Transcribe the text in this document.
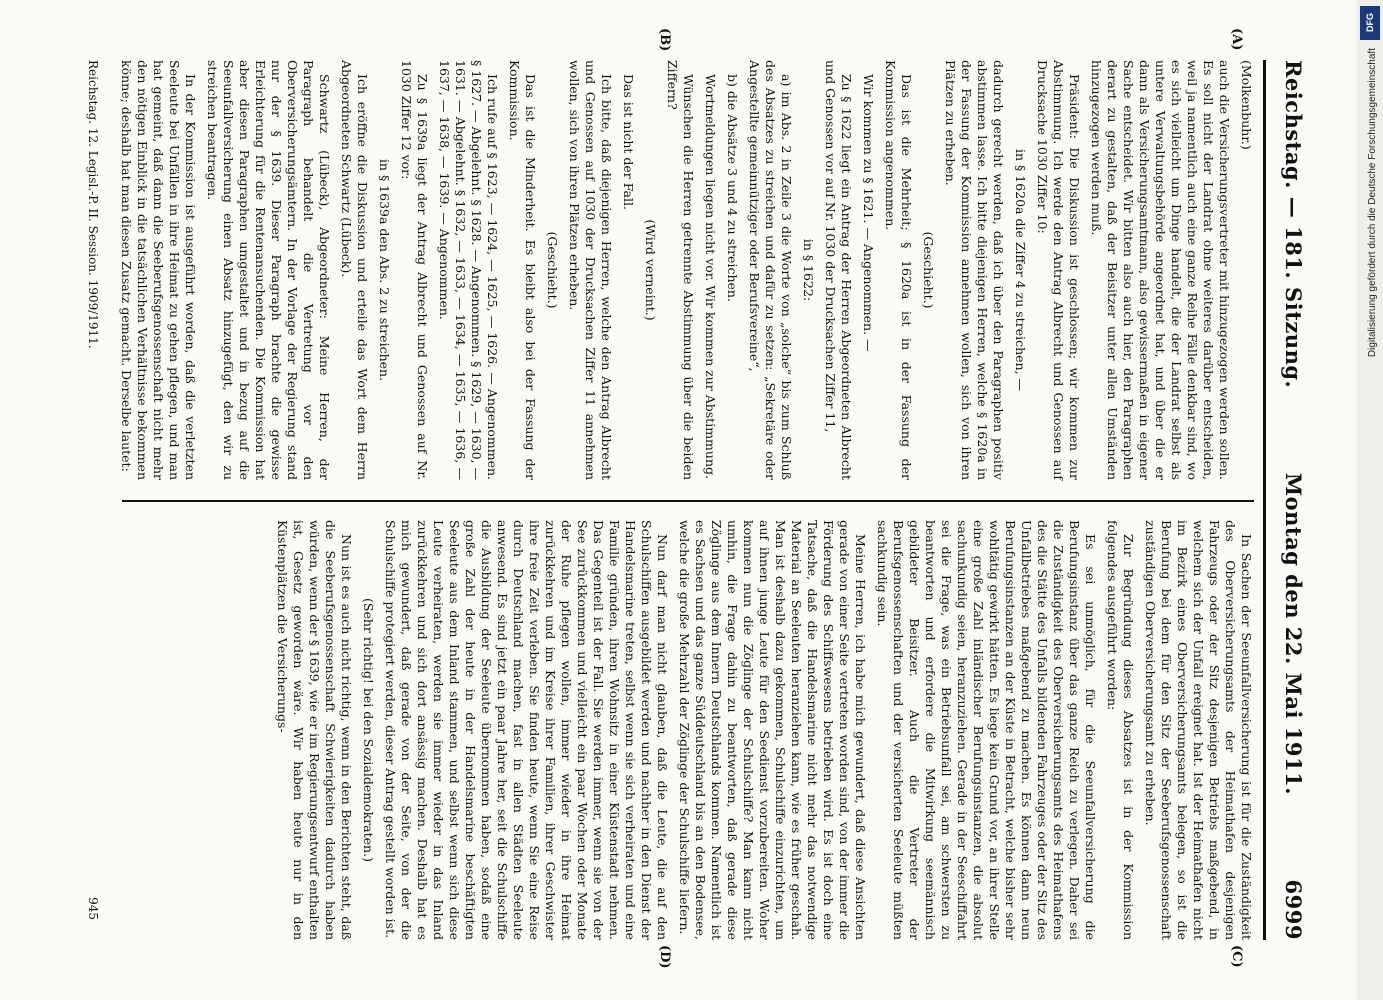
Reichstag. — 181. Sitzung.
Montag den 22. Mai 1911.
6999
(A)
(B)
(C)
(D)

(Molkenbuhr.)

auch die Versicherungsvertreter mit hinzugezogen werden sollen. Es soll nicht der Landrat ohne weiteres darüber entscheiden, weil ja namentlich auch eine ganze Reihe Fälle denkbar sind, wo es sich vielleicht um Dinge handelt, die der Landrat selbst als untere Verwaltungsbehörde angeordnet hat, und über die er dann als Versicherungsamtmann, also gewissermaßen in eigener Sache entscheidet. Wir bitten also auch hier, den Paragraphen derart zu gestalten, daß der Beisitzer unter allen Umständen hinzugezogen werden muß.

Präsident: Die Diskussion ist geschlossen; wir kommen zur Abstimmung. Ich werde den Antrag Albrecht und Genossen auf Drucksache 1030 Ziffer 10:

in § 1620a die Ziffer 4 zu streichen, —

dadurch gerecht werden, daß ich über den Paragraphen positiv abstimmen lasse. Ich bitte diejenigen Herren, welche § 1620a in der Fassung der Kommission annehmen wollen, sich von ihren Plätzen zu erheben.

(Geschieht.)

Das ist die Mehrheit; § 1620a ist in der Fassung der Kommission angenommen.

Wir kommen zu § 1621. — Angenommen. —

Zu § 1622 liegt ein Antrag der Herren Abgeordneten Albrecht und Genossen vor auf Nr. 1030 der Drucksachen Ziffer 11,

in § 1622:

a) im Abs. 2 in Zeile 3 die Worte von „solche“ bis zum Schluß des Absatzes zu streichen und dafür zu setzen: „Sekretäre oder Angestellte gemeinnütziger oder Berufsvereine“,

b) die Absätze 3 und 4 zu streichen.

Wortmeldungen liegen nicht vor. Wir kommen zur Abstimmung.

Wünschen die Herren getrennte Abstimmung über die beiden Ziffern?

(Wird verneint.)

Das ist nicht der Fall.

Ich bitte, daß diejenigen Herren, welche den Antrag Albrecht und Genossen auf 1030 der Drucksachen Ziffer 11 annehmen wollen, sich von ihren Plätzen erheben.

(Geschieht.)

Das ist die Minderheit. Es bleibt also bei der Fassung der Kommission.

Ich rufe auf § 1623, — 1624, — 1625, — 1626. — Angenommen. § 1627. — Abgelehnt. § 1628. — Angenommen. § 1629, — 1630, — 1631. — Abgelehnt. § 1632, — 1633, — 1634, — 1635, — 1636, — 1637, — 1638, — 1639. — Angenommen.

Zu § 1639a liegt der Antrag Albrecht und Genossen auf Nr. 1030 Ziffer 12 vor:

in § 1639a den Abs. 2 zu streichen.

Ich eröffne die Diskussion und erteile das Wort dem Herrn Abgeordneten Schwartz (Lübeck).

Schwartz (Lübeck), Abgeordneter: Meine Herren, der Paragraph behandelt die Vertretung vor den Oberversicherungsämtern. In der Vorlage der Regierung stand nur der § 1639. Dieser Paragraph brachte die gewisse Erleichterung für die Rentenansuchenden. Die Kommission hat aber diesen Paragraphen umgestaltet und in bezug auf die Seeunfallversicherung einen Absatz hinzugefügt, den wir zu streichen beantragen.

In der Kommission ist ausgeführt worden, daß die verletzten Seeleute bei Unfällen in ihre Heimat zu gehen pflegen, und man hat gemeint, daß dann die Seeberufsgenossenschaft nicht mehr den nötigen Einblick in die tatsächlichen Verhältnisse bekommen könne; deshalb hat man diesen Zusatz gemacht. Derselbe lautet:

In Sachen der Seeunfallversicherung ist für die Zuständigkeit des Oberversicherungsamts der Heimathafen desjenigen Fahrzeugs oder der Sitz desjenigen Betriebs maßgebend, in welchem sich der Unfall ereignet hat. Ist der Heimathafen nicht im Bezirk eines Oberversicherungsamts belegen, so ist die Berufung bei dem für den Sitz der Seeberufsgenossenschaft zuständigen Oberversicherungsamt zu erheben.

Zur Begründung dieses Absatzes ist in der Kommission folgendes ausgeführt worden:

Es sei unmöglich, für die Seeunfallversicherung die Berufungsinstanz über das ganze Reich zu verlegen. Daher sei die Zuständigkeit des Oberversicherungsamts des Heimathafens des die Stätte des Unfalls bildenden Fahrzeuges oder der Sitz des Unfallbetriebes maßgebend zu machen. Es können dann neun Berufungsinstanzen an der Küste in Betracht, welche bisher sehr wohltätig gewirkt hätten. Es liege kein Grund vor, an ihrer Stelle eine große Zahl inländischer Berufungsinstanzen, die absolut sachunkundig seien, heranzuziehen. Gerade in der Seeschiffahrt sei die Frage, was ein Betriebsunfall sei, am schwersten zu beantworten und erfordere die Mitwirkung seemännisch gebildeter Beisitzer. Auch die Vertreter der Berufsgenossenschaften und der versicherten Seeleute müßten sachkundig sein.

Meine Herren, ich habe mich gewundert, daß diese Ansichten gerade von einer Seite vertreten worden sind, von der immer die Förderung des Schiffswesens betrieben wird. Es ist doch eine Tatsache, daß die Handelsmarine nicht mehr das notwendige Material an Seeleuten heranziehen kann, wie es früher geschah. Man ist deshalb dazu gekommen, Schulschiffe einzurichten, um auf ihnen junge Leute für den Seedienst vorzubereiten. Woher kommen nun die Zöglinge der Schulschiffe? Man kann nicht umhin, die Frage dahin zu beantworten, daß gerade diese Zöglinge aus dem Innern Deutschlands kommen. Namentlich ist es Sachsen und das ganze Süddeutschland bis an den Bodensee, welche die große Mehrzahl der Zöglinge der Schulschiffe liefern.

Nun darf man nicht glauben, daß die Leute, die auf den Schulschiffen ausgebildet werden und nachher in den Dienst der Handelsmarine treten, selbst wenn sie sich verheiraten und eine Familie gründen, ihren Wohnsitz in einer Küstenstadt nehmen. Das Gegenteil ist der Fall. Sie werden immer, wenn sie von der See zurückkommen und vielleicht ein paar Wochen oder Monate der Ruhe pflegen wollen, immer wieder in ihre Heimat zurückkehren und im Kreise ihrer Familien, ihrer Geschwister ihre freie Zeit verleben. Sie finden heute, wenn Sie eine Reise durch Deutschland machen, fast in allen Städten Seeleute anwesend. Es sind jetzt ein paar Jahre her, seit die Schulschiffe die Ausbildung der Seeleute übernommen haben, sodaß eine große Zahl der heute in der Handelsmarine beschäftigten Seeleute aus dem Inland stammen, und selbst wenn sich diese Leute verheiraten, werden sie immer wieder in das Inland zurückkehren und sich dort ansässig machen. Deshalb hat es mich gewundert, daß gerade von der Seite, von der die Schulschiffe protegiert werden, dieser Antrag gestellt worden ist.

(Sehr richtig! bei den Sozialdemokraten.)

Nun ist es auch nicht richtig, wenn in den Berichten steht, daß die Seeberufsgenossenschaft Schwierigkeiten dadurch haben würden, wenn der § 1639, wie er im Regierungsentwurf enthalten ist, Gesetz geworden wäre. Wir haben heute nur in den Küstenplätzen die Versicherungs-

Reichstag. 12. Legisl.-P. II. Session. 1909/1911.
945
DFG
Digitalisierung gefördert durch die Deutsche Forschungsgemeinschaft
